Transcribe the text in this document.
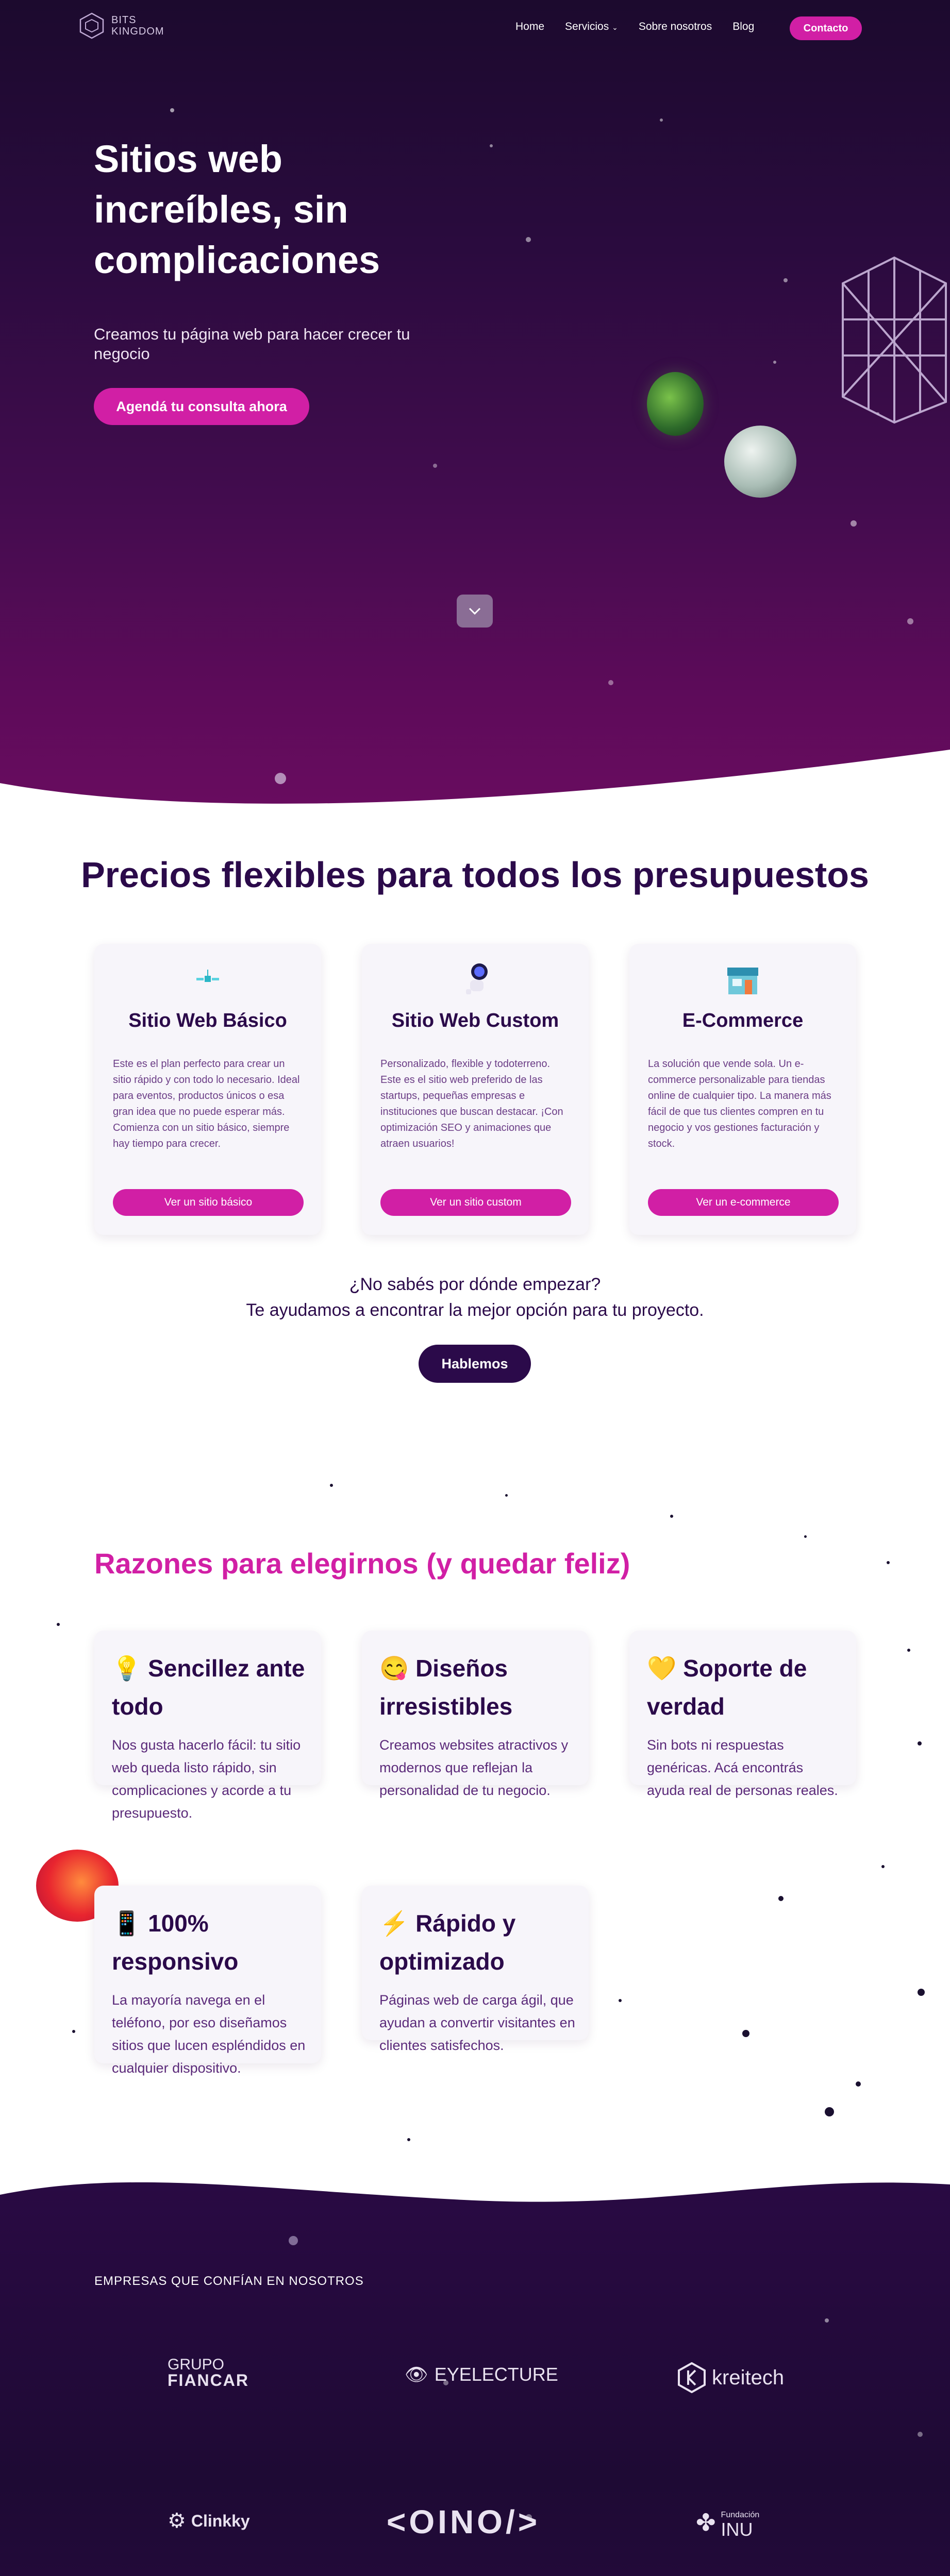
BITS
KINGDOM	Home Servicios ⌄ Sobre nosotros Blog	Contacto
Sitios web increíbles, sin complicaciones
Creamos tu página web para hacer crecer tu negocio
Agendá tu consulta ahora
Precios flexibles para todos los presupuestos
Sitio Web Básico
Este es el plan perfecto para crear un sitio rápido y con todo lo necesario. Ideal para eventos, productos únicos o esa gran idea que no puede esperar más. Comienza con un sitio básico, siempre hay tiempo para crecer.
Ver un sitio básico
Sitio Web Custom
Personalizado, flexible y todoterreno. Este es el sitio web preferido de las startups, pequeñas empresas e instituciones que buscan destacar. ¡Con optimización SEO y animaciones que atraen usuarios!
Ver un sitio custom
E-Commerce
La solución que vende sola. Un e-commerce personalizable para tiendas online de cualquier tipo. La manera más fácil de que tus clientes compren en tu negocio y vos gestiones facturación y stock.
Ver un e-commerce
¿No sabés por dónde empezar?
Te ayudamos a encontrar la mejor opción para tu proyecto.
Hablemos
Razones para elegirnos (y quedar feliz)
💡 Sencillez ante todo
Nos gusta hacerlo fácil: tu sitio web queda listo rápido, sin complicaciones y acorde a tu presupuesto.
😋 Diseños irresistibles
Creamos websites atractivos y modernos que reflejan la personalidad de tu negocio.
💛 Soporte de verdad
Sin bots ni respuestas genéricas. Acá encontrás ayuda real de personas reales.
📱 100% responsivo
La mayoría navega en el teléfono, por eso diseñamos sitios que lucen espléndidos en cualquier dispositivo.
⚡ Rápido y optimizado
Páginas web de carga ágil, que ayudan a convertir visitantes en clientes satisfechos.
EMPRESAS QUE CONFÍAN EN NOSOTROS
GRUPO
FIANCAR	👁 EYELECTURE	kreitech
⚙ Clinkky	<OINO/>	✤ Fundación
INU
